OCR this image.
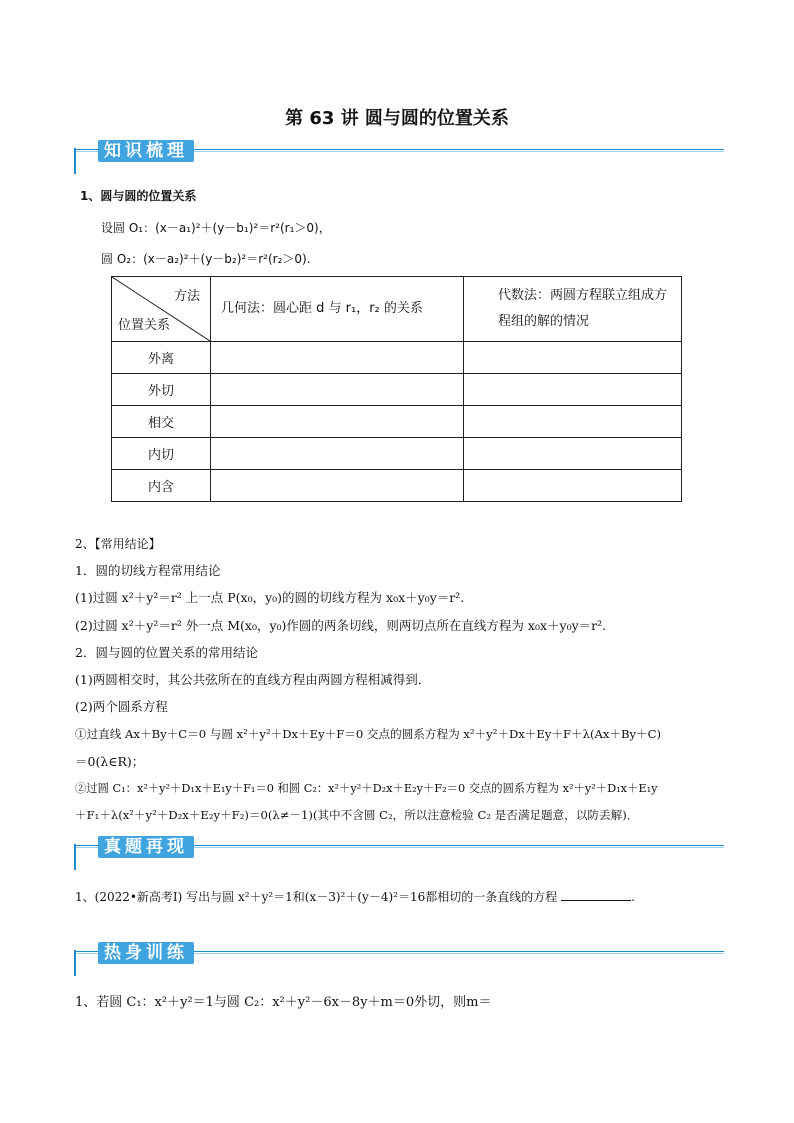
第 63 讲 圆与圆的位置关系
知识梳理
1、圆与圆的位置关系
设圆 O₁：(x－a₁)²＋(y－b₁)²＝r²(r₁＞0)，
圆 O₂：(x－a₂)²＋(y－b₂)²＝r²(r₂＞0).
方法
位置关系	几何法：圆心距 d 与 r₁，r₂ 的关系	代数法：两圆方程联立组成方程组的解的情况
外离		
外切		
相交		
内切		
内含		
2、【常用结论】
1．圆的切线方程常用结论
(1)过圆 x²＋y²＝r² 上一点 P(x₀，y₀)的圆的切线方程为 x₀x＋y₀y＝r².
(2)过圆 x²＋y²＝r² 外一点 M(x₀，y₀)作圆的两条切线，则两切点所在直线方程为 x₀x＋y₀y＝r².
2．圆与圆的位置关系的常用结论
(1)两圆相交时，其公共弦所在的直线方程由两圆方程相减得到．
(2)两个圆系方程
①过直线 Ax＋By＋C＝0 与圆 x²＋y²＋Dx＋Ey＋F＝0 交点的圆系方程为 x²＋y²＋Dx＋Ey＋F＋λ(Ax＋By＋C)
＝0(λ∈R)；
②过圆 C₁：x²＋y²＋D₁x＋E₁y＋F₁＝0 和圆 C₂：x²＋y²＋D₂x＋E₂y＋F₂＝0 交点的圆系方程为 x²＋y²＋D₁x＋E₁y
＋F₁＋λ(x²＋y²＋D₂x＋E₂y＋F₂)＝0(λ≠－1)(其中不含圆 C₂，所以注意检验 C₂ 是否满足题意，以防丢解)．
真题再现
1、(2022•新高考Ⅰ) 写出与圆 x²＋y²＝1和(x－3)²＋(y－4)²＝16都相切的一条直线的方程	.
热身训练
1、若圆 C₁：x²＋y²＝1与圆 C₂：x²＋y²－6x－8y＋m＝0外切，则m＝
